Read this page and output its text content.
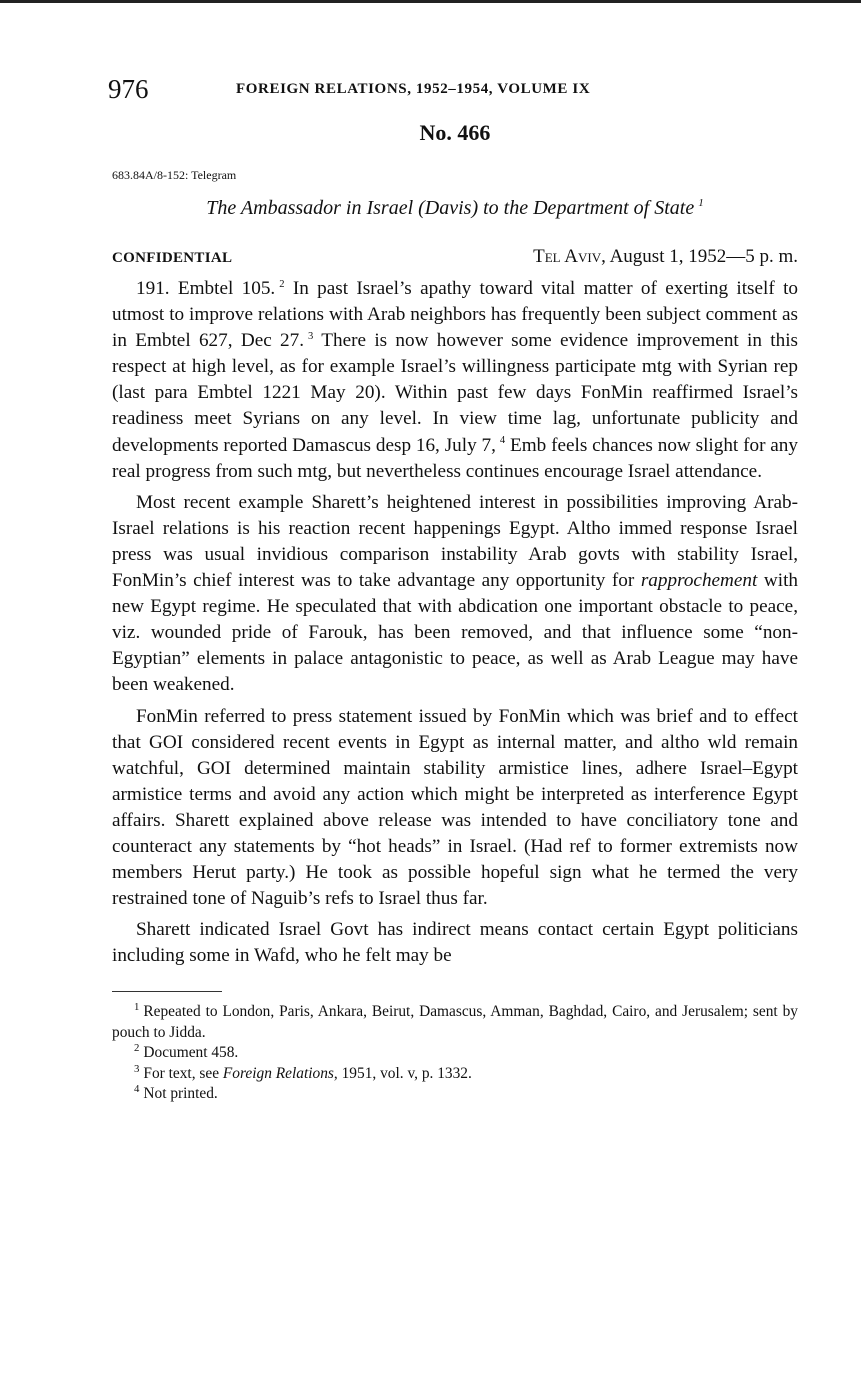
976	FOREIGN RELATIONS, 1952–1954, VOLUME IX
No. 466
683.84A/8-152: Telegram
The Ambassador in Israel (Davis) to the Department of State $^1$
CONFIDENTIAL	Tel Aviv, August 1, 1952—5 p. m.

191. Embtel 105. $^2$ In past Israel’s apathy toward vital matter of exerting itself to utmost to improve relations with Arab neighbors has frequently been subject comment as in Embtel 627, Dec 27. $^3$ There is now however some evidence improvement in this respect at high level, as for example Israel’s willingness participate mtg with Syrian rep (last para Embtel 1221 May 20). Within past few days FonMin reaffirmed Israel’s readiness meet Syrians on any level. In view time lag, unfortunate publicity and developments reported Damascus desp 16, July 7, $^4$ Emb feels chances now slight for any real progress from such mtg, but nevertheless continues encourage Israel attendance.

Most recent example Sharett’s heightened interest in possibilities improving Arab-Israel relations is his reaction recent happenings Egypt. Altho immed response Israel press was usual invidious comparison instability Arab govts with stability Israel, FonMin’s chief interest was to take advantage any opportunity for rapprochement with new Egypt regime. He speculated that with abdication one important obstacle to peace, viz. wounded pride of Farouk, has been removed, and that influence some “non-Egyptian” elements in palace antagonistic to peace, as well as Arab League may have been weakened.

FonMin referred to press statement issued by FonMin which was brief and to effect that GOI considered recent events in Egypt as internal matter, and altho wld remain watchful, GOI determined maintain stability armistice lines, adhere Israel–Egypt armistice terms and avoid any action which might be interpreted as interference Egypt affairs. Sharett explained above release was intended to have conciliatory tone and counteract any statements by “hot heads” in Israel. (Had ref to former extremists now members Herut party.) He took as possible hopeful sign what he termed the very restrained tone of Naguib’s refs to Israel thus far.

Sharett indicated Israel Govt has indirect means contact certain Egypt politicians including some in Wafd, who he felt may be

$^1$ Repeated to London, Paris, Ankara, Beirut, Damascus, Amman, Baghdad, Cairo, and Jerusalem; sent by pouch to Jidda.

$^2$ Document 458.

$^3$ For text, see Foreign Relations, 1951, vol. v, p. 1332.

$^4$ Not printed.
